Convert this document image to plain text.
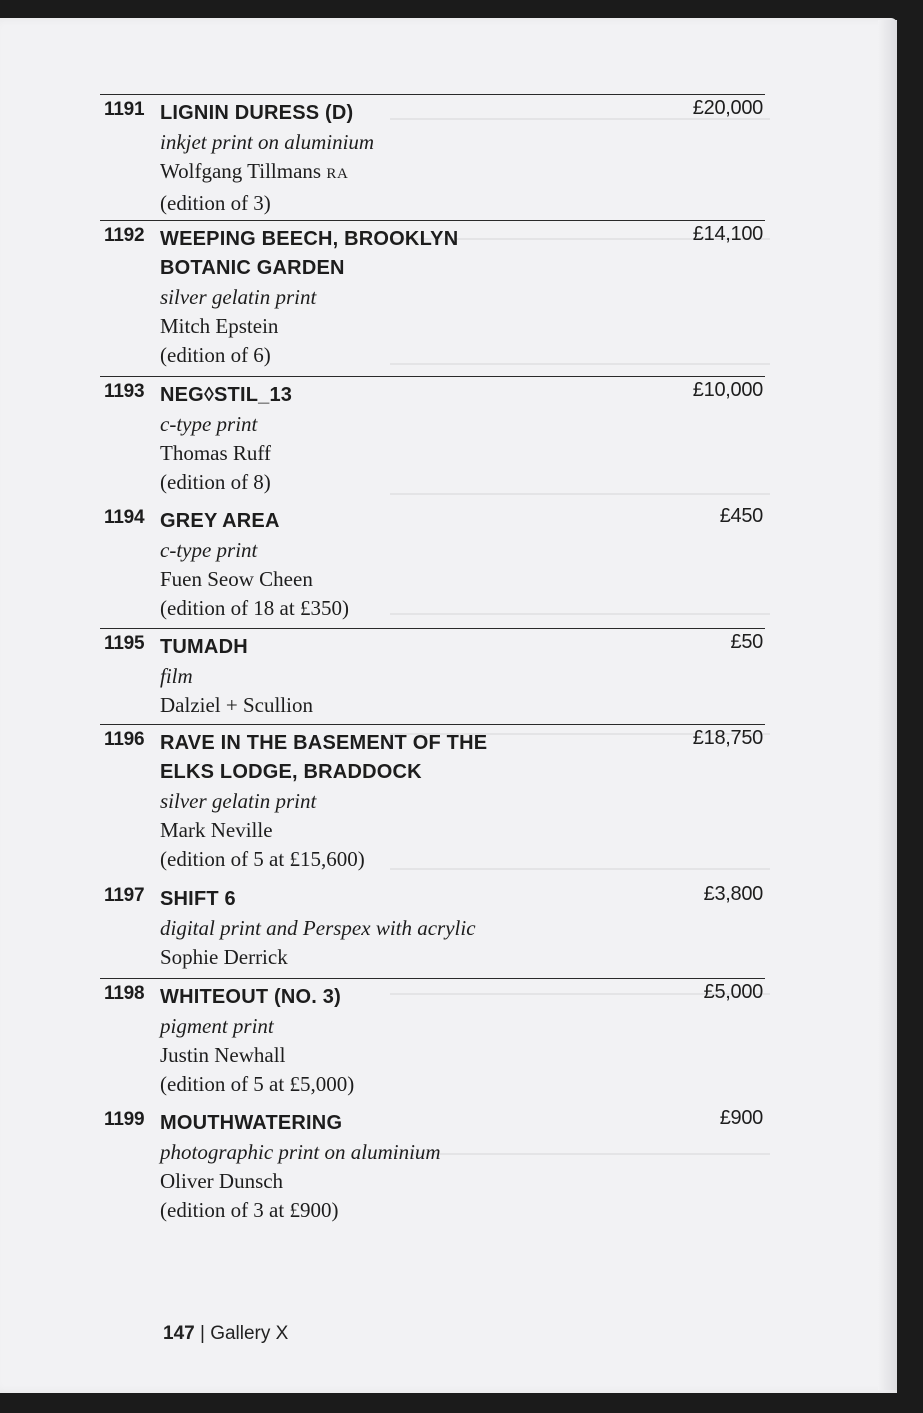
1191	£20,000
LIGNIN DURESS (D)
inkjet print on aluminium
Wolfgang Tillmans RA
(edition of 3)
1192	£14,100
WEEPING BEECH, BROOKLYN BOTANIC GARDEN
silver gelatin print
Mitch Epstein
(edition of 6)
1193	£10,000
NEG◊STIL_13
c-type print
Thomas Ruff
(edition of 8)
1194	£450
GREY AREA
c-type print
Fuen Seow Cheen
(edition of 18 at £350)
1195	£50
TUMADH
film
Dalziel + Scullion
1196	£18,750
RAVE IN THE BASEMENT OF THE ELKS LODGE, BRADDOCK
silver gelatin print
Mark Neville
(edition of 5 at £15,600)
1197	£3,800
SHIFT 6
digital print and Perspex with acrylic
Sophie Derrick
1198	£5,000
WHITEOUT (NO. 3)
pigment print
Justin Newhall
(edition of 5 at £5,000)
1199	£900
MOUTHWATERING
photographic print on aluminium
Oliver Dunsch
(edition of 3 at £900)
147 | Gallery X
